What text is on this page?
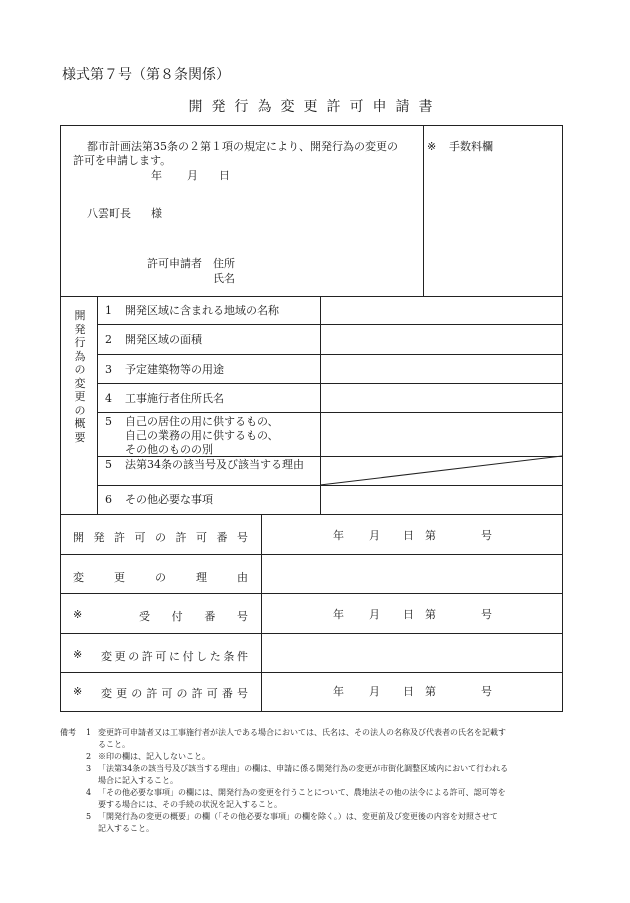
様式第７号（第８条関係）
開発行為変更許可申請書
都市計画法第35条の２第１項の規定により、開発行為の変更の
許可を申請します。
年 月 日
八雲町長 様
許可申請者 住所
氏名
※ 手数料欄
開発行為の変更の概要
1 開発区域に含まれる地域の名称
2 開発区域の面積
3 予定建築物等の用途
4 工事施行者住所氏名
5 自己の居住の用に供するもの、
自己の業務の用に供するもの、
その他のものの別
5 法第34条の該当号及び該当する理由
6 その他必要な事項
開 発 許 可 の 許 可 番 号	年 月 日 第	号
変	更	の	理	由
※	受 付 番 号	年 月 日 第	号
※ 変 更 の 許 可 に 付 し た 条 件
※ 変 更 の 許 可 の 許 可 番 号	年 月 日 第	号
備考	1 変更許可申請者又は工事施行者が法人である場合においては、氏名は、その法人の名称及び代表者の氏名を記載す
ること。
2 ※印の欄は、記入しないこと。
3 「法第34条の該当号及び該当する理由」の欄は、申請に係る開発行為の変更が市街化調整区域内において行われる
場合に記入すること。
4 「その他必要な事項」の欄には、開発行為の変更を行うことについて、農地法その他の法令による許可、認可等を
要する場合には、その手続の状況を記入すること。
5 「開発行為の変更の概要」の欄（「その他必要な事項」の欄を除く。）は、変更前及び変更後の内容を対照させて
記入すること。
